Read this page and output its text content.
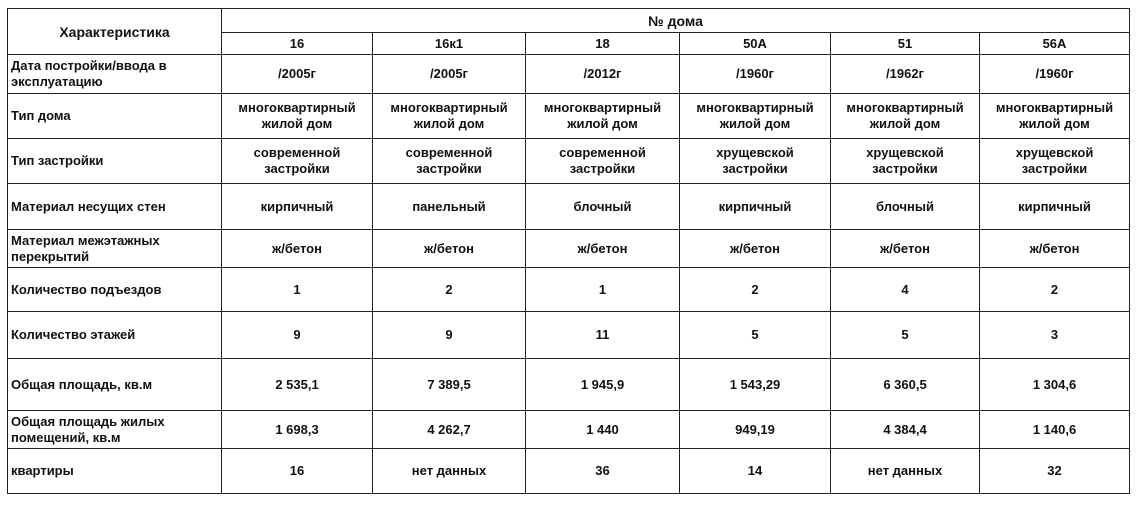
Характеристика	№ дома					
	16	16к1	18	50А	51	56А
Дата постройки/ввода в эксплуатацию	/2005г	/2005г	/2012г	/1960г	/1962г	/1960г
Тип дома	многоквартирный жилой дом	многоквартирный жилой дом	многоквартирный жилой дом	многоквартирный жилой дом	многоквартирный жилой дом	многоквартирный жилой дом
Тип застройки	современной застройки	современной застройки	современной застройки	хрущевской застройки	хрущевской застройки	хрущевской застройки
Материал несущих стен	кирпичный	панельный	блочный	кирпичный	блочный	кирпичный
Материал межэтажных перекрытий	ж/бетон	ж/бетон	ж/бетон	ж/бетон	ж/бетон	ж/бетон
Количество подъездов	1	2	1	2	4	2
Количество этажей	9	9	11	5	5	3
Общая площадь, кв.м	2 535,1	7 389,5	1 945,9	1 543,29	6 360,5	1 304,6
Общая площадь жилых помещений, кв.м	1 698,3	4 262,7	1 440	949,19	4 384,4	1 140,6
квартиры	16	нет данных	36	14	нет данных	32
